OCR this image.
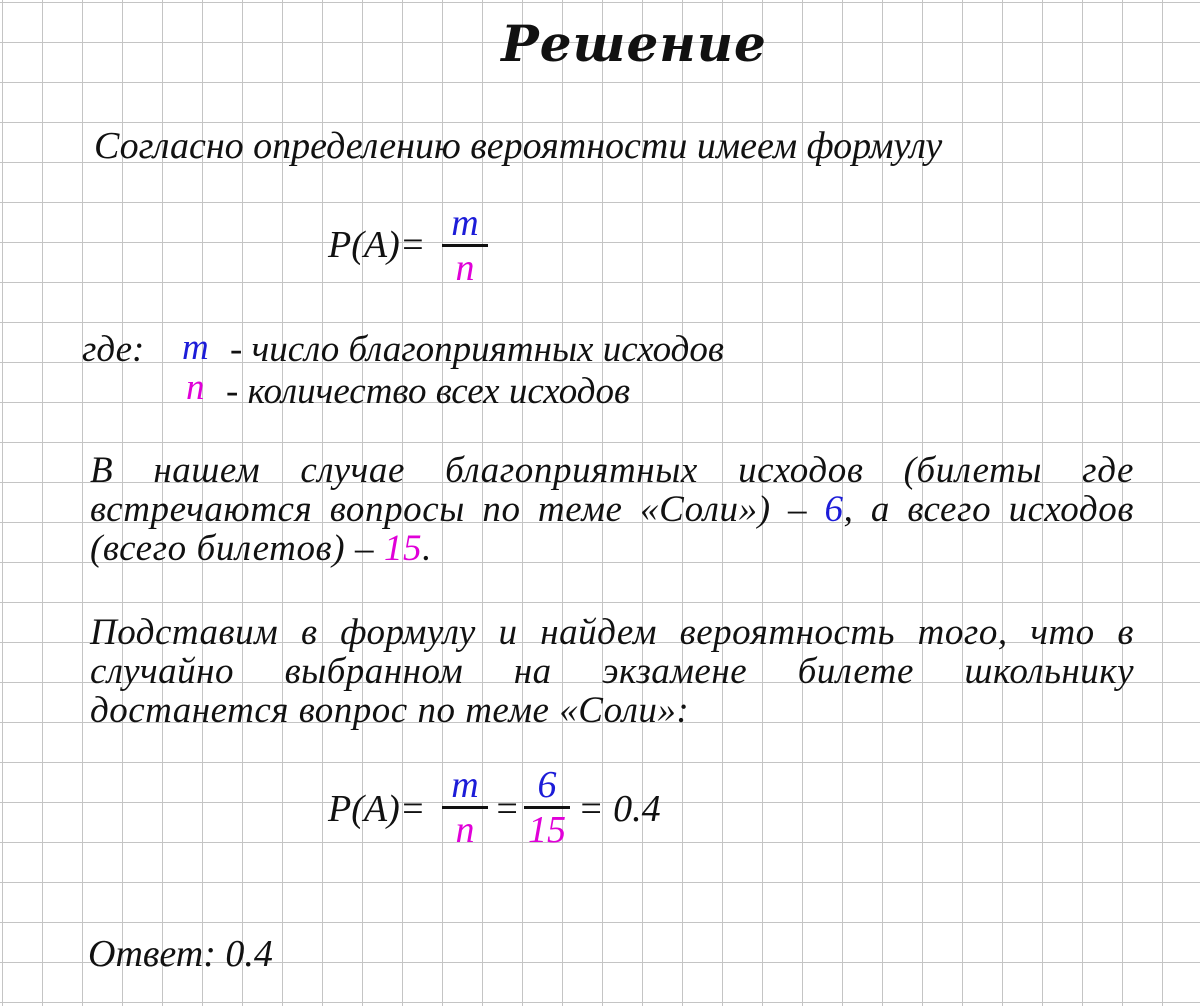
Решение
Согласно определению вероятности имеем формулу
P(A)=
m
n
где: m - число благоприятных исходов
n - количество всех исходов
В нашем случае благоприятных исходов (билеты где встречаются вопросы по теме «Соли») – 6, а всего исходов (всего билетов) – 15.
Подставим в формулу и найдем вероятность того, что в случайно выбранном на экзамене билете школьнику достанется вопрос по теме «Соли»:
P(A)=
m
n =
6
15 = 0.4
Ответ: 0.4
